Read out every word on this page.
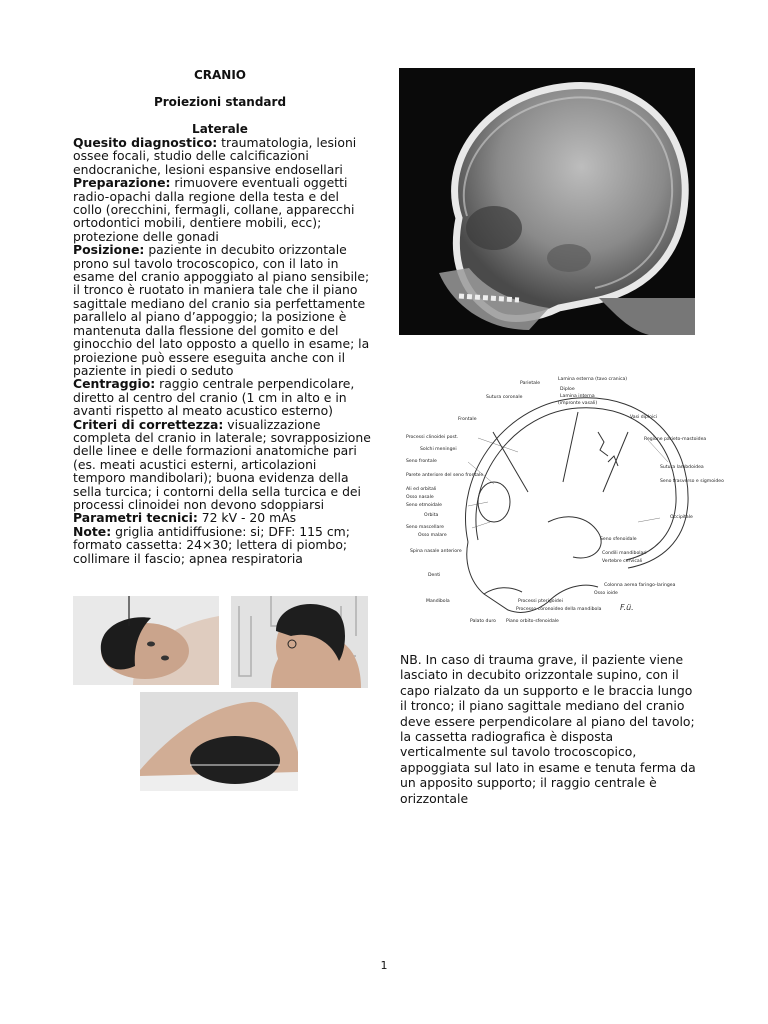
CRANIO
Proiezioni standard
Laterale

Quesito diagnostico: traumatologia, lesioni ossee focali, studio delle calcificazioni endocraniche, lesioni espansive endosellari

Preparazione: rimuovere eventuali oggetti radio-opachi dalla regione della testa e del collo (orecchini, fermagli, collane, apparecchi ortodontici mobili, dentiere mobili, ecc); protezione delle gonadi

Posizione: paziente in decubito orizzontale prono sul tavolo trocoscopico, con il lato in esame del cranio appoggiato al piano sensibile; il tronco è ruotato in maniera tale che il piano sagittale mediano del cranio sia perfettamente parallelo al piano d’appoggio; la posizione è mantenuta dalla flessione del gomito e del ginocchio del lato opposto a quello in esame; la proiezione può essere eseguita anche con il paziente in piedi o seduto

Centraggio: raggio centrale perpendicolare, diretto al centro del cranio (1 cm in alto e in avanti rispetto al meato acustico esterno)

Criteri di correttezza: visualizzazione completa del cranio in laterale; sovrapposizione delle linee e delle formazioni anatomiche pari (es. meati acustici esterni, articolazioni temporo mandibolari); buona evidenza della sella turcica; i contorni della sella turcica e dei processi clinoidei non devono sdoppiarsi

Parametri tecnici: 72 kV - 20 mAs

Note: griglia antidiffusione: si; DFF: 115 cm; formato cassetta: 24×30; lettera di piombo; collimare il fascio; apnea respiratoria

Parietale
Lamina esterna (tavo cranica)
Sutura coronale
Diploe
Lamina interna
(impronte vasali)
Frontale	Vasi diploici
Processi clinoidei post.	Regione parieto-mastoidea
Solchi meningei
Sutura lambdoidea
Seno trasverso e sigmoideo
Seno frontale
Parete anteriore del seno frontale
Ali ed orbitali
Osso nasale
Seno etmoidale
Occipitale
Orbita
Seno mascellare
Osso malare
Seno sfenoidale
Spina nasale anteriore	Condili mandibolari
Vertebre cervicali
Denti
Colonna aerea faringo-laringea
Osso ioide
Mandibola	Processi pterigoidei
Processo coronoideo della mandibola
Palato duro Piano orbito-sfenoidale
F.ü.
NB. In caso di trauma grave, il paziente viene lasciato in decubito orizzontale supino, con il capo rialzato da un supporto e le braccia lungo il tronco; il piano sagittale mediano del cranio deve essere perpendicolare al piano del tavolo; la cassetta radiografica è disposta verticalmente sul tavolo trocoscopico, appoggiata sul lato in esame e tenuta ferma da un apposito supporto; il raggio centrale è orizzontale
1
